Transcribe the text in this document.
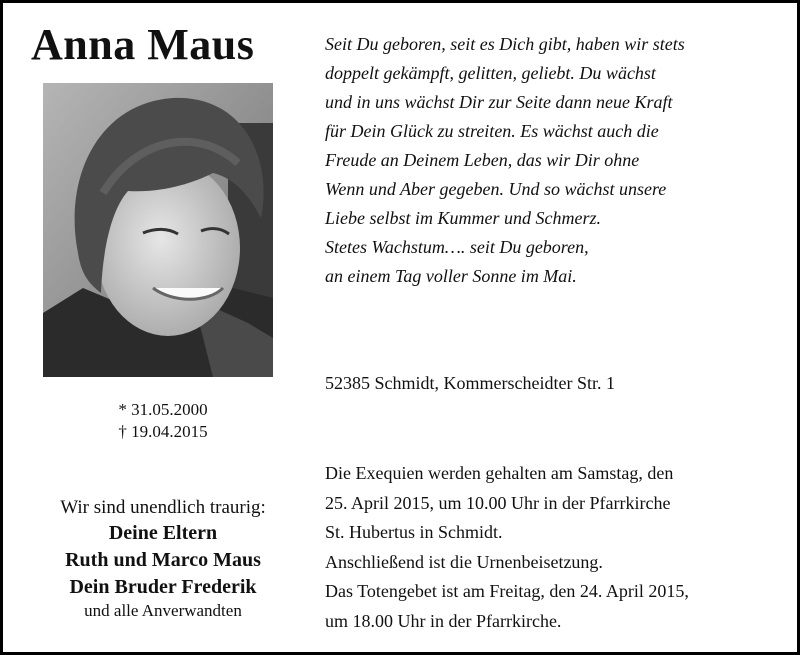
Anna Maus
* 31.05.2000
† 19.04.2015
Wir sind unendlich traurig:
Deine Eltern
Ruth und Marco Maus
Dein Bruder Frederik
und alle Anverwandten
Seit Du geboren, seit es Dich gibt, haben wir stets
doppelt gekämpft, gelitten, geliebt. Du wächst
und in uns wächst Dir zur Seite dann neue Kraft
für Dein Glück zu streiten. Es wächst auch die
Freude an Deinem Leben, das wir Dir ohne
Wenn und Aber gegeben. Und so wächst unsere
Liebe selbst im Kummer und Schmerz.
Stetes Wachstum…. seit Du geboren,
an einem Tag voller Sonne im Mai.
52385 Schmidt, Kommerscheidter Str. 1
Die Exequien werden gehalten am Samstag, den
25. April 2015, um 10.00 Uhr in der Pfarrkirche
St. Hubertus in Schmidt.
Anschließend ist die Urnenbeisetzung.
Das Totengebet ist am Freitag, den 24. April 2015,
um 18.00 Uhr in der Pfarrkirche.
